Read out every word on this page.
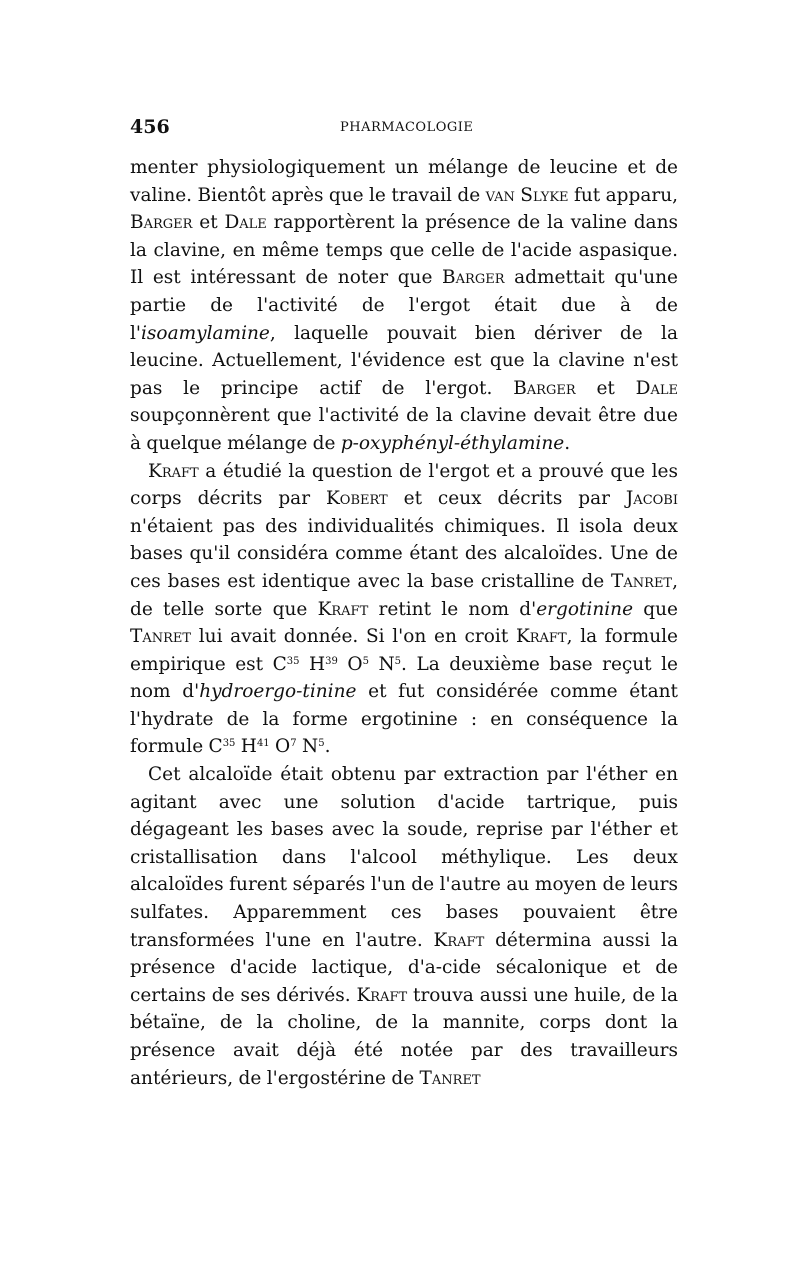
456	PHARMACOLOGIE

menter physiologiquement un mélange de leucine et de valine. Bientôt après que le travail de van Slyke fut apparu, Barger et Dale rapportèrent la présence de la valine dans la clavine, en même temps que celle de l'acide aspasique. Il est intéressant de noter que Barger admettait qu'une partie de l'activité de l'ergot était due à de l'isoamylamine, laquelle pouvait bien dériver de la leucine. Actuellement, l'évidence est que la clavine n'est pas le principe actif de l'ergot. Barger et Dale soupçonnèrent que l'activité de la clavine devait être due à quelque mélange de p-oxyphényl-éthylamine.

Kraft a étudié la question de l'ergot et a prouvé que les corps décrits par Kobert et ceux décrits par Jacobi n'étaient pas des individualités chimiques. Il isola deux bases qu'il considéra comme étant des alcaloïdes. Une de ces bases est identique avec la base cristalline de Tanret, de telle sorte que Kraft retint le nom d'ergotinine que Tanret lui avait donnée. Si l'on en croit Kraft, la formule empirique est $C^{35}$ $H^{39}$ $O^5$ $N^5$. La deuxième base reçut le nom d'hydroergo-tinine et fut considérée comme étant l'hydrate de la forme ergotinine : en conséquence la formule $C^{35}$ $H^{41}$ $O^7$ $N^5$.

Cet alcaloïde était obtenu par extraction par l'éther en agitant avec une solution d'acide tartrique, puis dégageant les bases avec la soude, reprise par l'éther et cristallisation dans l'alcool méthylique. Les deux alcaloïdes furent séparés l'un de l'autre au moyen de leurs sulfates. Apparemment ces bases pouvaient être transformées l'une en l'autre. Kraft détermina aussi la présence d'acide lactique, d'a-cide sécalonique et de certains de ses dérivés. Kraft trouva aussi une huile, de la bétaïne, de la choline, de la mannite, corps dont la présence avait déjà été notée par des travailleurs antérieurs, de l'ergostérine de Tanret
